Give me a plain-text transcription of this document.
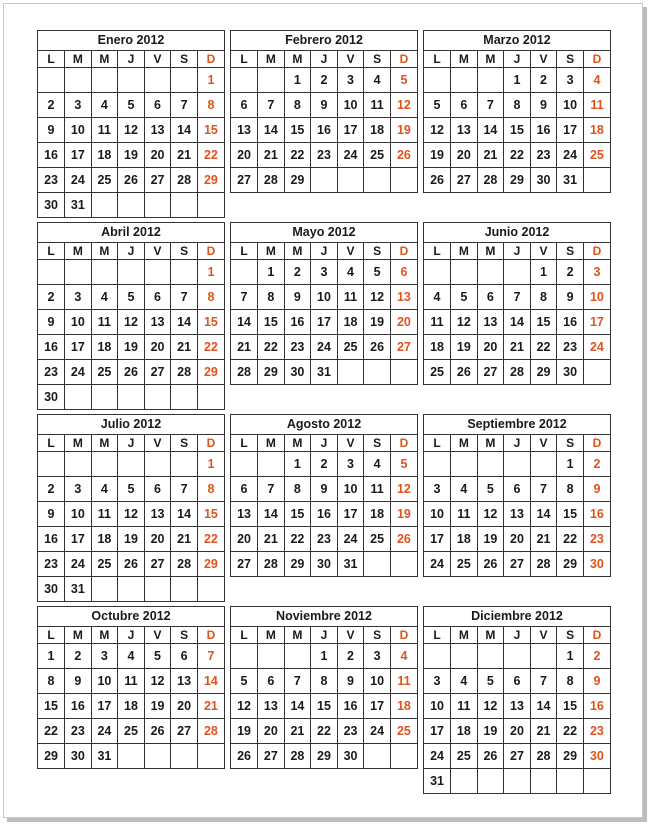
Enero 2012
L	M	M	J	V	S	D
						1
2	3	4	5	6	7	8
9	10	11	12	13	14	15
16	17	18	19	20	21	22
23	24	25	26	27	28	29
30	31					
Febrero 2012
L	M	M	J	V	S	D
		1	2	3	4	5
6	7	8	9	10	11	12
13	14	15	16	17	18	19
20	21	22	23	24	25	26
27	28	29				
Marzo 2012
L	M	M	J	V	S	D
			1	2	3	4
5	6	7	8	9	10	11
12	13	14	15	16	17	18
19	20	21	22	23	24	25
26	27	28	29	30	31	
Abril 2012
L	M	M	J	V	S	D
						1
2	3	4	5	6	7	8
9	10	11	12	13	14	15
16	17	18	19	20	21	22
23	24	25	26	27	28	29
30						
Mayo 2012
L	M	M	J	V	S	D
	1	2	3	4	5	6
7	8	9	10	11	12	13
14	15	16	17	18	19	20
21	22	23	24	25	26	27
28	29	30	31			
Junio 2012
L	M	M	J	V	S	D
				1	2	3
4	5	6	7	8	9	10
11	12	13	14	15	16	17
18	19	20	21	22	23	24
25	26	27	28	29	30	
Julio 2012
L	M	M	J	V	S	D
						1
2	3	4	5	6	7	8
9	10	11	12	13	14	15
16	17	18	19	20	21	22
23	24	25	26	27	28	29
30	31					
Agosto 2012
L	M	M	J	V	S	D
		1	2	3	4	5
6	7	8	9	10	11	12
13	14	15	16	17	18	19
20	21	22	23	24	25	26
27	28	29	30	31		
Septiembre 2012
L	M	M	J	V	S	D
					1	2
3	4	5	6	7	8	9
10	11	12	13	14	15	16
17	18	19	20	21	22	23
24	25	26	27	28	29	30
Octubre 2012
L	M	M	J	V	S	D
1	2	3	4	5	6	7
8	9	10	11	12	13	14
15	16	17	18	19	20	21
22	23	24	25	26	27	28
29	30	31				
Noviembre 2012
L	M	M	J	V	S	D
			1	2	3	4
5	6	7	8	9	10	11
12	13	14	15	16	17	18
19	20	21	22	23	24	25
26	27	28	29	30		
Diciembre 2012
L	M	M	J	V	S	D
					1	2
3	4	5	6	7	8	9
10	11	12	13	14	15	16
17	18	19	20	21	22	23
24	25	26	27	28	29	30
31						
